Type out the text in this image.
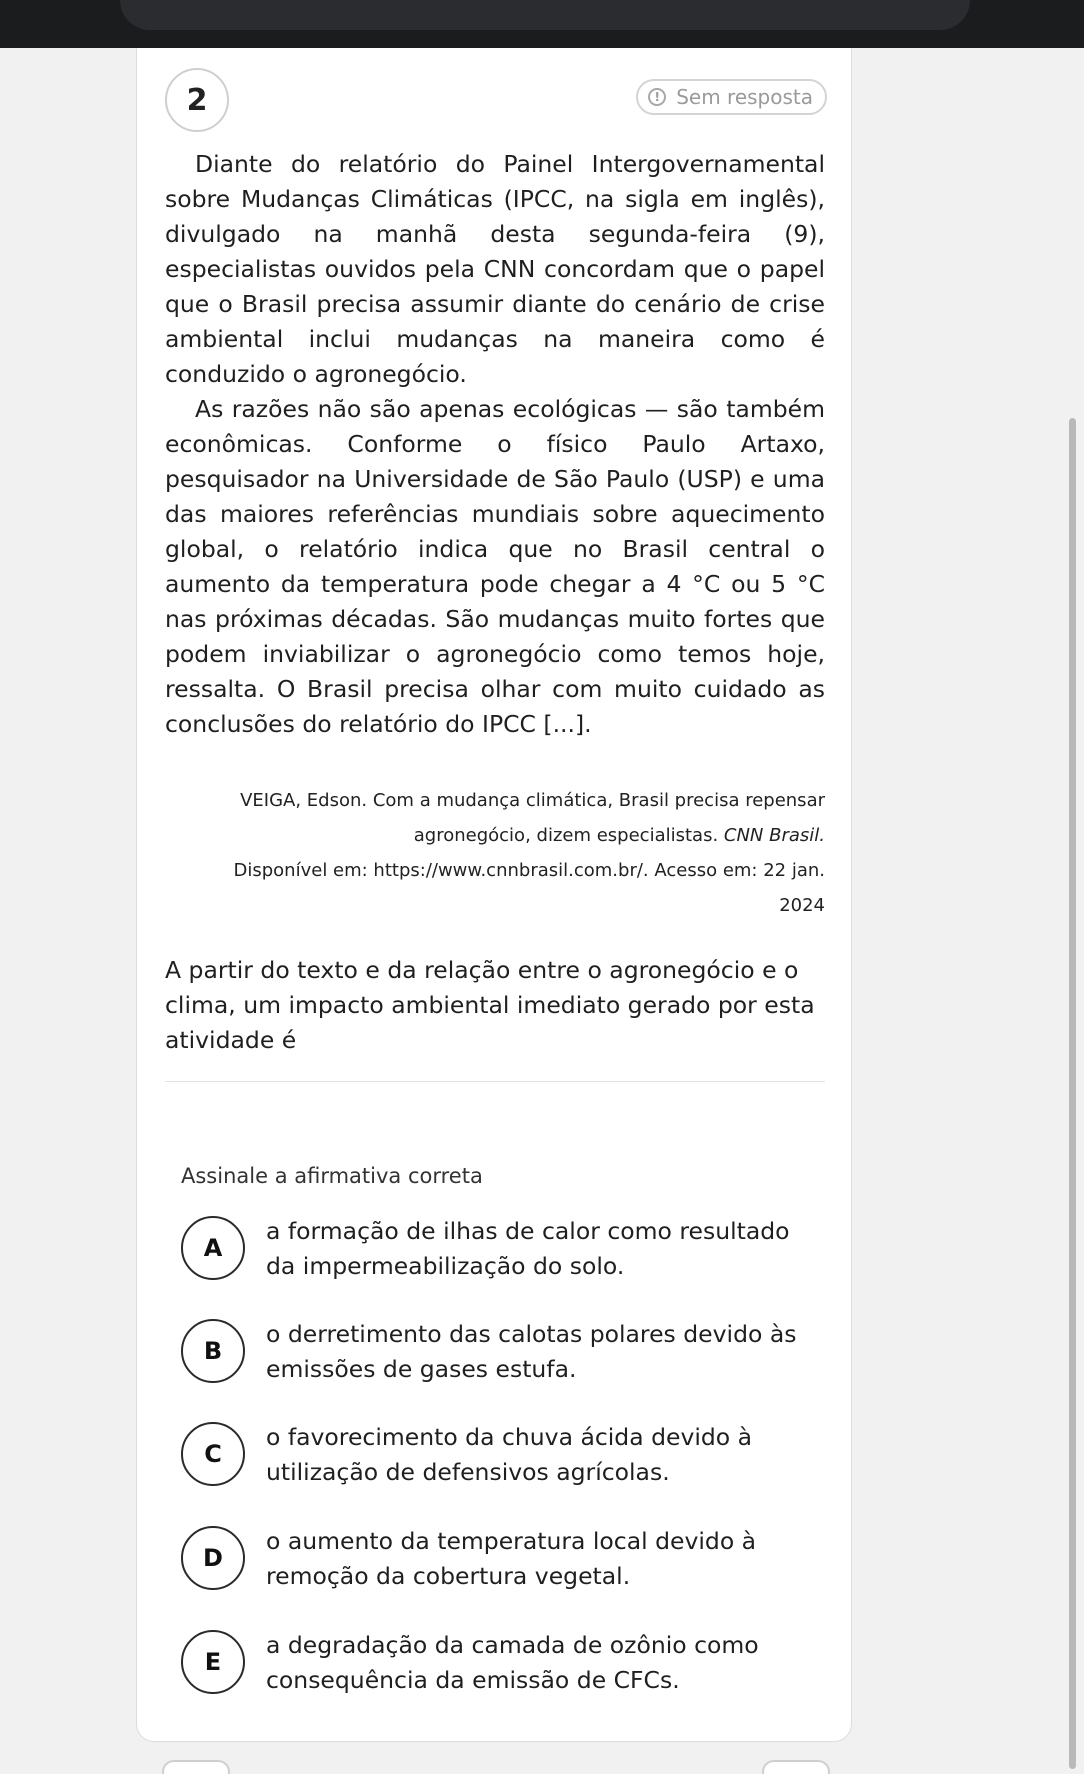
2	! Sem resposta

Diante do relatório do Painel Intergovernamental sobre Mudanças Climáticas (IPCC, na sigla em inglês), divulgado na manhã desta segunda-feira (9), especialistas ouvidos pela CNN concordam que o papel que o Brasil precisa assumir diante do cenário de crise ambiental inclui mudanças na maneira como é conduzido o agronegócio.

As razões não são apenas ecológicas — são também econômicas. Conforme o físico Paulo Artaxo, pesquisador na Universidade de São Paulo (USP) e uma das maiores referências mundiais sobre aquecimento global, o relatório indica que no Brasil central o aumento da temperatura pode chegar a 4 °C ou 5 °C nas próximas décadas. São mudanças muito fortes que podem inviabilizar o agronegócio como temos hoje, ressalta. O Brasil precisa olhar com muito cuidado as conclusões do relatório do IPCC [...].

VEIGA, Edson. Com a mudança climática, Brasil precisa repensar
agronegócio, dizem especialistas. CNN Brasil.
Disponível em: https://www.cnnbrasil.com.br/. Acesso em: 22 jan.
2024
A partir do texto e da relação entre o agronegócio e o clima, um impacto ambiental imediato gerado por esta atividade é
Assinale a afirmativa correta
A
a formação de ilhas de calor como resultado da impermeabilização do solo.
B
o derretimento das calotas polares devido às emissões de gases estufa.
C
o favorecimento da chuva ácida devido à utilização de defensivos agrícolas.
D
o aumento da temperatura local devido à remoção da cobertura vegetal.
E
a degradação da camada de ozônio como consequência da emissão de CFCs.
